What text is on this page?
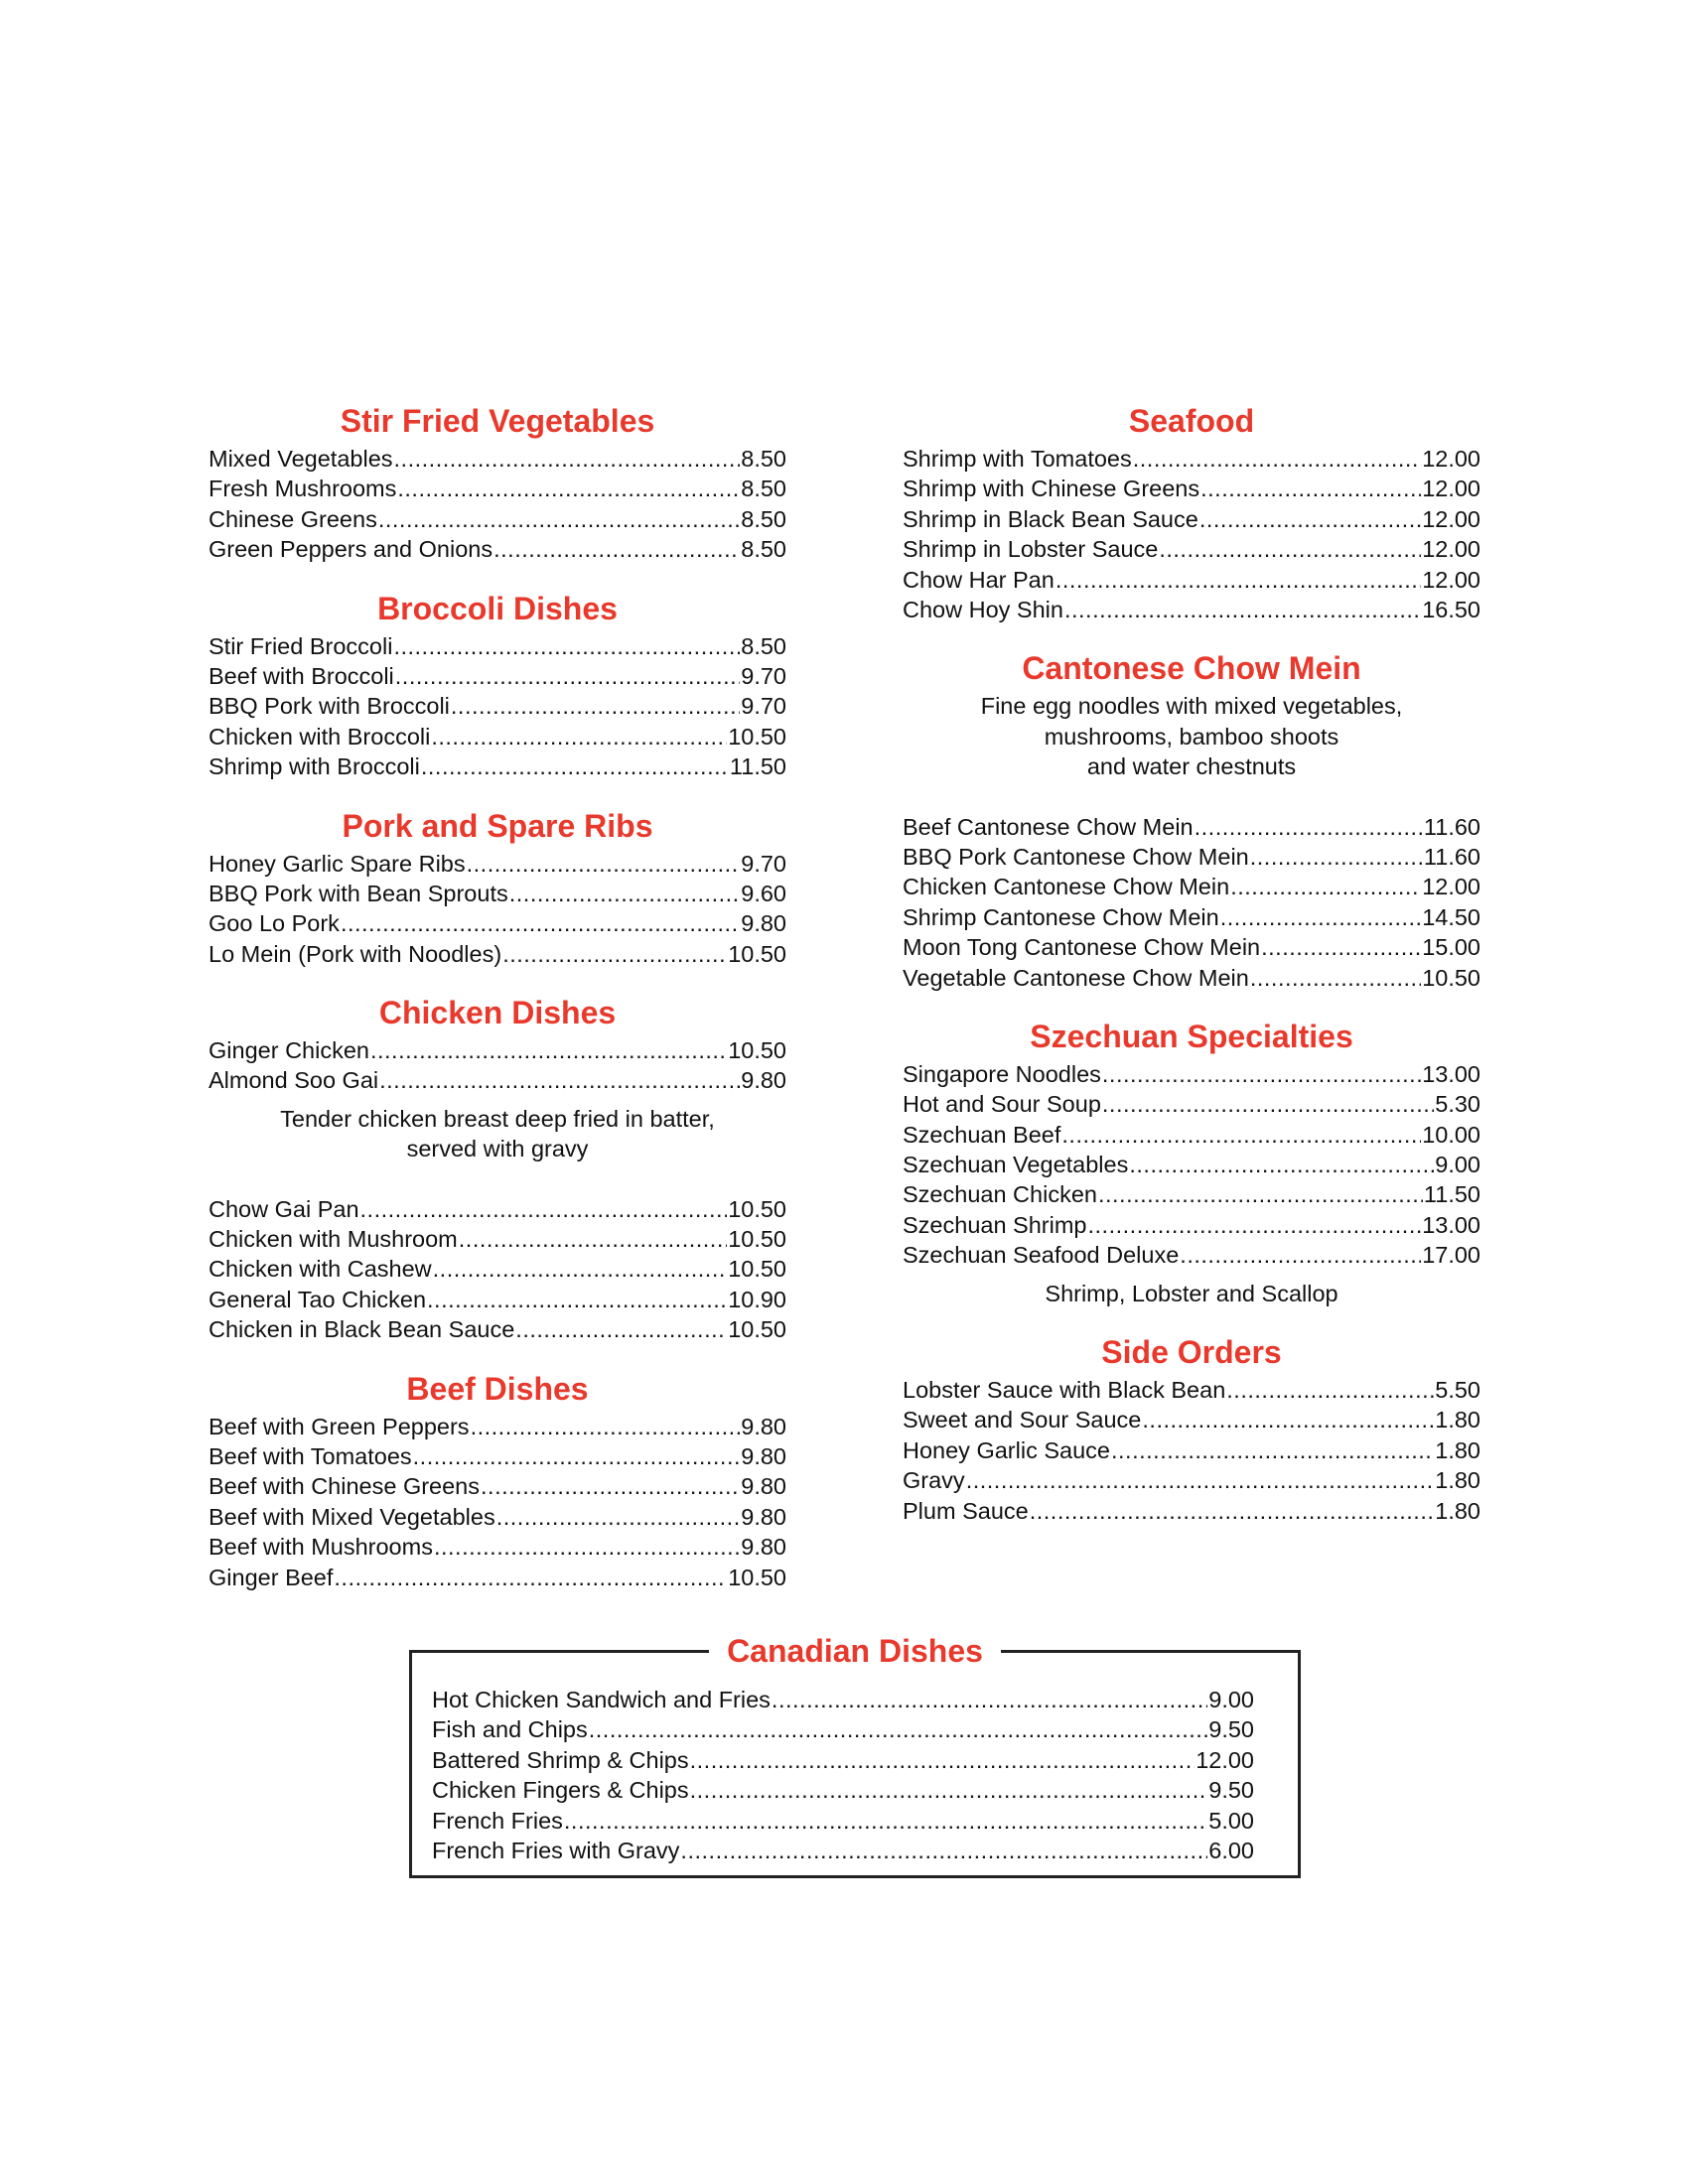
Stir Fried Vegetables
Mixed Vegetables .....	8.50
Fresh Mushrooms .....	8.50
Chinese Greens .....	8.50
Green Peppers and Onions .....	8.50
Broccoli Dishes
Stir Fried Broccoli .....	8.50
Beef with Broccoli .....	9.70
BBQ Pork with Broccoli .....	9.70
Chicken with Broccoli .....	10.50
Shrimp with Broccoli .....	11.50
Pork and Spare Ribs
Honey Garlic Spare Ribs .....	9.70
BBQ Pork with Bean Sprouts .....	9.60
Goo Lo Pork .....	9.80
Lo Mein (Pork with Noodles) .....	10.50
Chicken Dishes
Ginger Chicken .....	10.50
Almond Soo Gai .....	9.80
Tender chicken breast deep fried in batter,
served with gravy
Chow Gai Pan .....	10.50
Chicken with Mushroom .....	10.50
Chicken with Cashew .....	10.50
General Tao Chicken .....	10.90
Chicken in Black Bean Sauce .....	10.50
Beef Dishes
Beef with Green Peppers .....	9.80
Beef with Tomatoes .....	9.80
Beef with Chinese Greens .....	9.80
Beef with Mixed Vegetables .....	9.80
Beef with Mushrooms .....	9.80
Ginger Beef .....	10.50
Seafood
Shrimp with Tomatoes .....	12.00
Shrimp with Chinese Greens .....	12.00
Shrimp in Black Bean Sauce .....	12.00
Shrimp in Lobster Sauce .....	12.00
Chow Har Pan .....	12.00
Chow Hoy Shin .....	16.50
Cantonese Chow Mein
Fine egg noodles with mixed vegetables,
mushrooms, bamboo shoots
and water chestnuts
Beef Cantonese Chow Mein .....	11.60
BBQ Pork Cantonese Chow Mein .....	11.60
Chicken Cantonese Chow Mein .....	12.00
Shrimp Cantonese Chow Mein .....	14.50
Moon Tong Cantonese Chow Mein .....	15.00
Vegetable Cantonese Chow Mein .....	10.50
Szechuan Specialties
Singapore Noodles .....	13.00
Hot and Sour Soup .....	5.30
Szechuan Beef .....	10.00
Szechuan Vegetables .....	9.00
Szechuan Chicken .....	11.50
Szechuan Shrimp .....	13.00
Szechuan Seafood Deluxe .....	17.00
Shrimp, Lobster and Scallop
Side Orders
Lobster Sauce with Black Bean .....	5.50
Sweet and Sour Sauce .....	1.80
Honey Garlic Sauce .....	1.80
Gravy .....	1.80
Plum Sauce .....	1.80
Canadian Dishes
Hot Chicken Sandwich and Fries .....	9.00
Fish and Chips .....	9.50
Battered Shrimp & Chips .....	12.00
Chicken Fingers & Chips .....	9.50
French Fries .....	5.00
French Fries with Gravy .....	6.00
